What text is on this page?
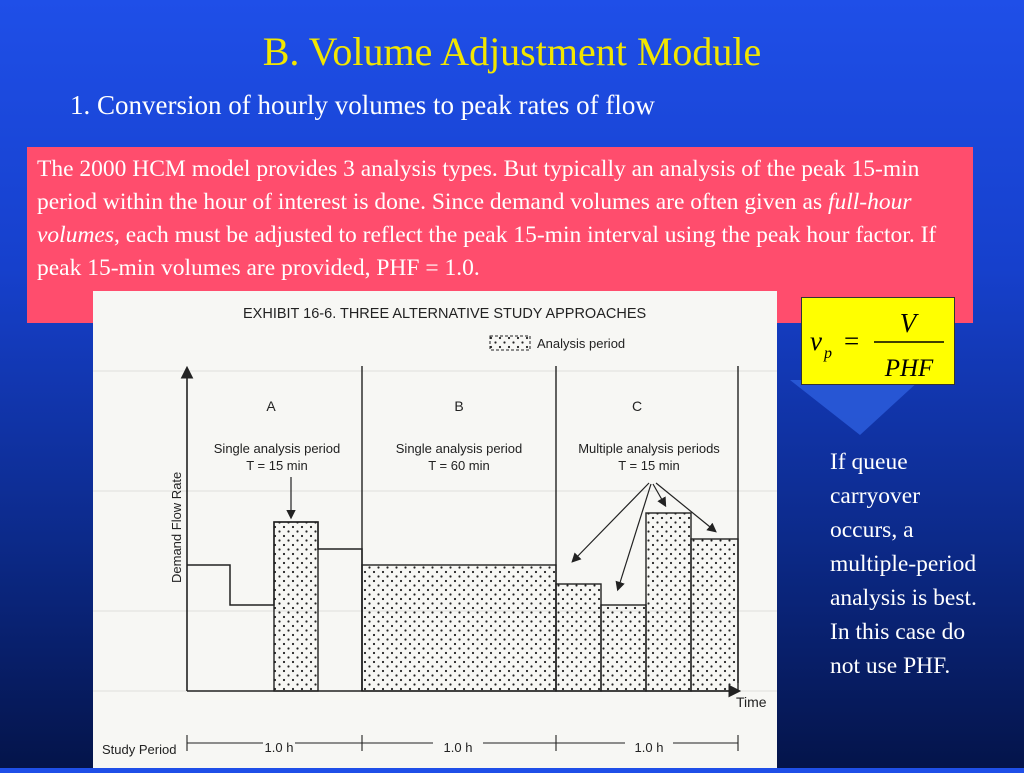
B. Volume Adjustment Module
1. Conversion of hourly volumes to peak rates of flow
The 2000 HCM model provides 3 analysis types. But typically an analysis of the peak 15-min period within the hour of interest is done. Since demand volumes are often given as full-hour volumes, each must be adjusted to reflect the peak 15-min interval using the peak hour factor. If peak 15-min volumes are provided, PHF = 1.0.
EXHIBIT 16-6. THREE ALTERNATIVE STUDY APPROACHES
Analysis period
Demand Flow Rate
Time
A
Single analysis period
T = 15 min
B
Single analysis period
T = 60 min
C
Multiple analysis periods
T = 15 min
Study Period	1.0 h	1.0 h	1.0 h
v p =
V
PHF
If queue carryover occurs, a multiple-period analysis is best. In this case do not use PHF.
